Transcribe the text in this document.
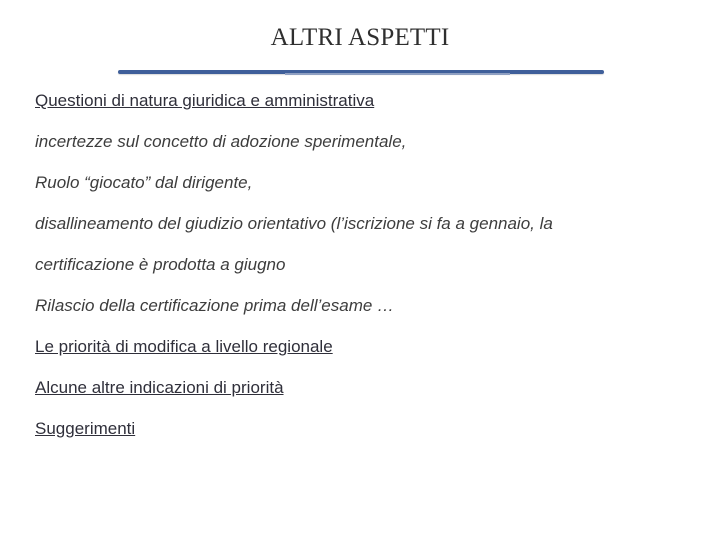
ALTRI ASPETTI
Questioni di natura giuridica e amministrativa
incertezze sul concetto di adozione sperimentale,
Ruolo “giocato” dal dirigente,
disallineamento del giudizio orientativo (l’iscrizione si fa a gennaio, la
certificazione è prodotta a giugno
Rilascio della certificazione prima dell’esame …
Le priorità di modifica a livello regionale
Alcune altre indicazioni di priorità
Suggerimenti
